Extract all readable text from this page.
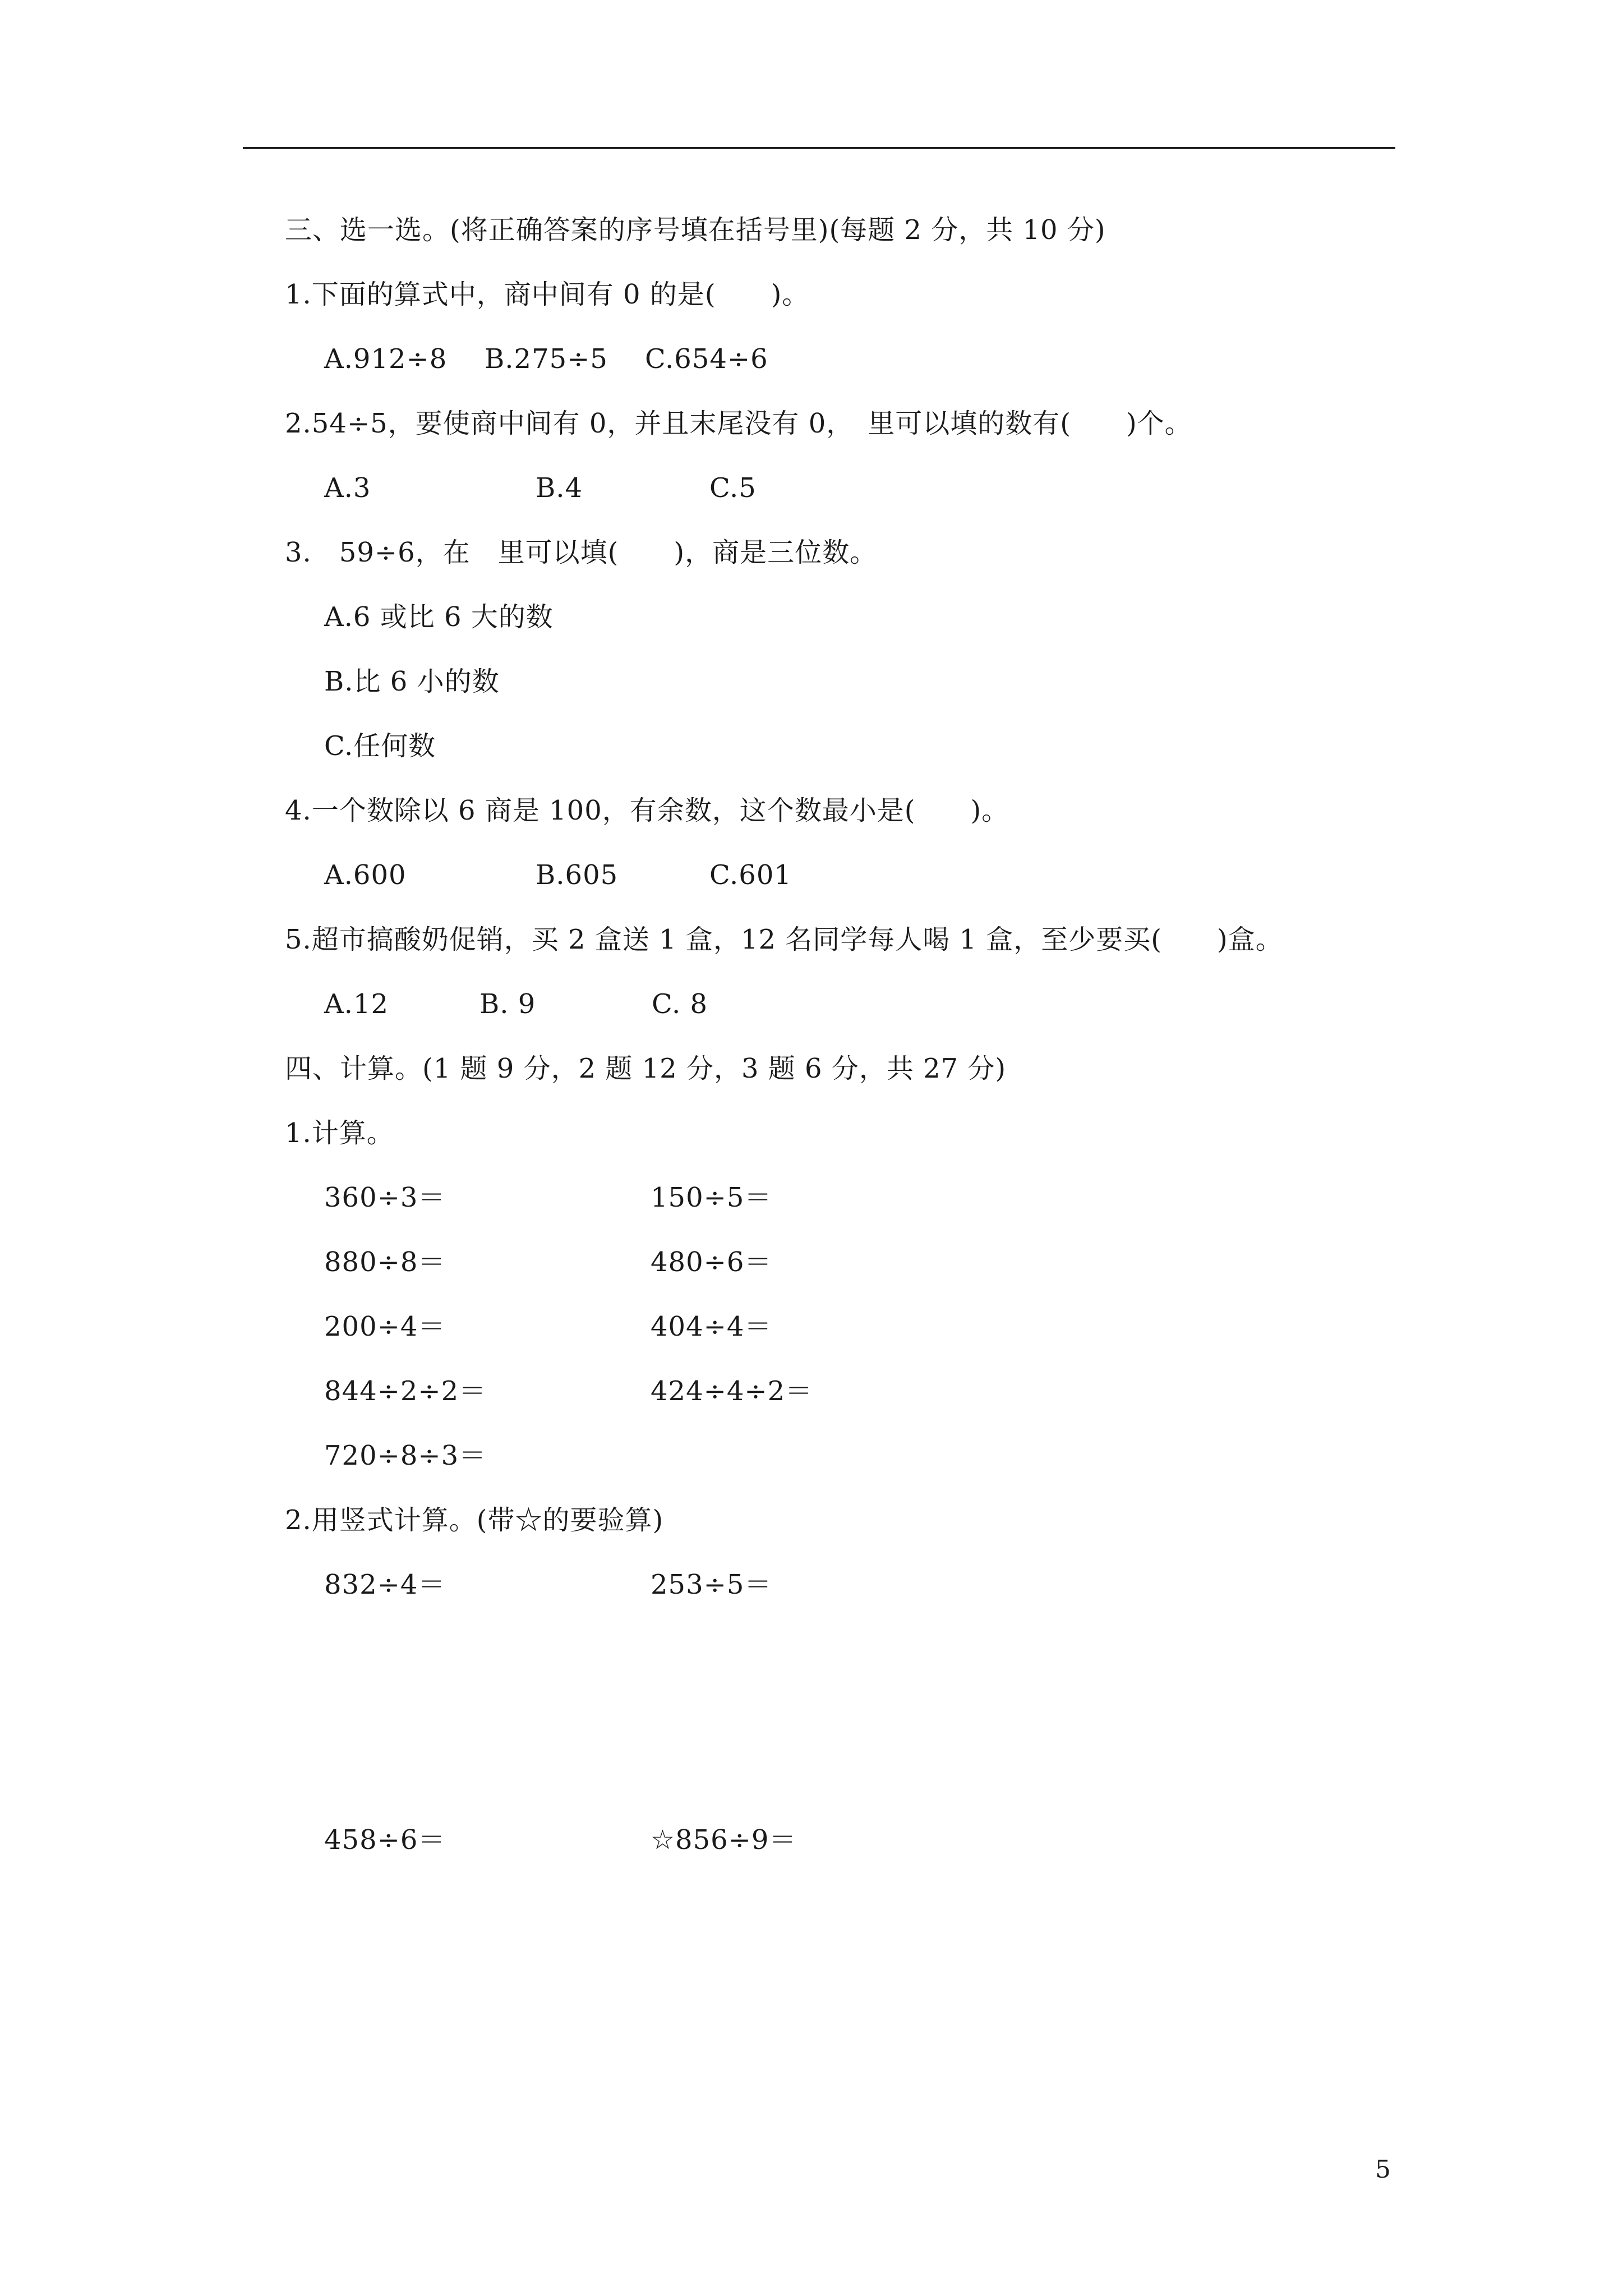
三、选一选。(将正确答案的序号填在括号里)(每题 2 分，共 10 分)
1.下面的算式中，商中间有 0 的是(　　)。
A.912÷8 B.275÷5 C.654÷6
2.54÷5，要使商中间有 0，并且末尾没有 0，　里可以填的数有(　　)个。
A.3	B.4	C.5
3.　59÷6，在　里可以填(　　)，商是三位数。
A.6 或比 6 大的数
B.比 6 小的数
C.任何数
4.一个数除以 6 商是 100，有余数，这个数最小是(　　)。
A.600	B.605	C.601
5.超市搞酸奶促销，买 2 盒送 1 盒，12 名同学每人喝 1 盒，至少要买(　　)盒。
A.12	B. 9	C. 8
四、计算。(1 题 9 分，2 题 12 分，3 题 6 分，共 27 分)
1.计算。
360÷3＝	150÷5＝
880÷8＝	480÷6＝
200÷4＝	404÷4＝
844÷2÷2＝	424÷4÷2＝
720÷8÷3＝
2.用竖式计算。(带☆的要验算)
832÷4＝	253÷5＝
458÷6＝	☆856÷9＝
5
